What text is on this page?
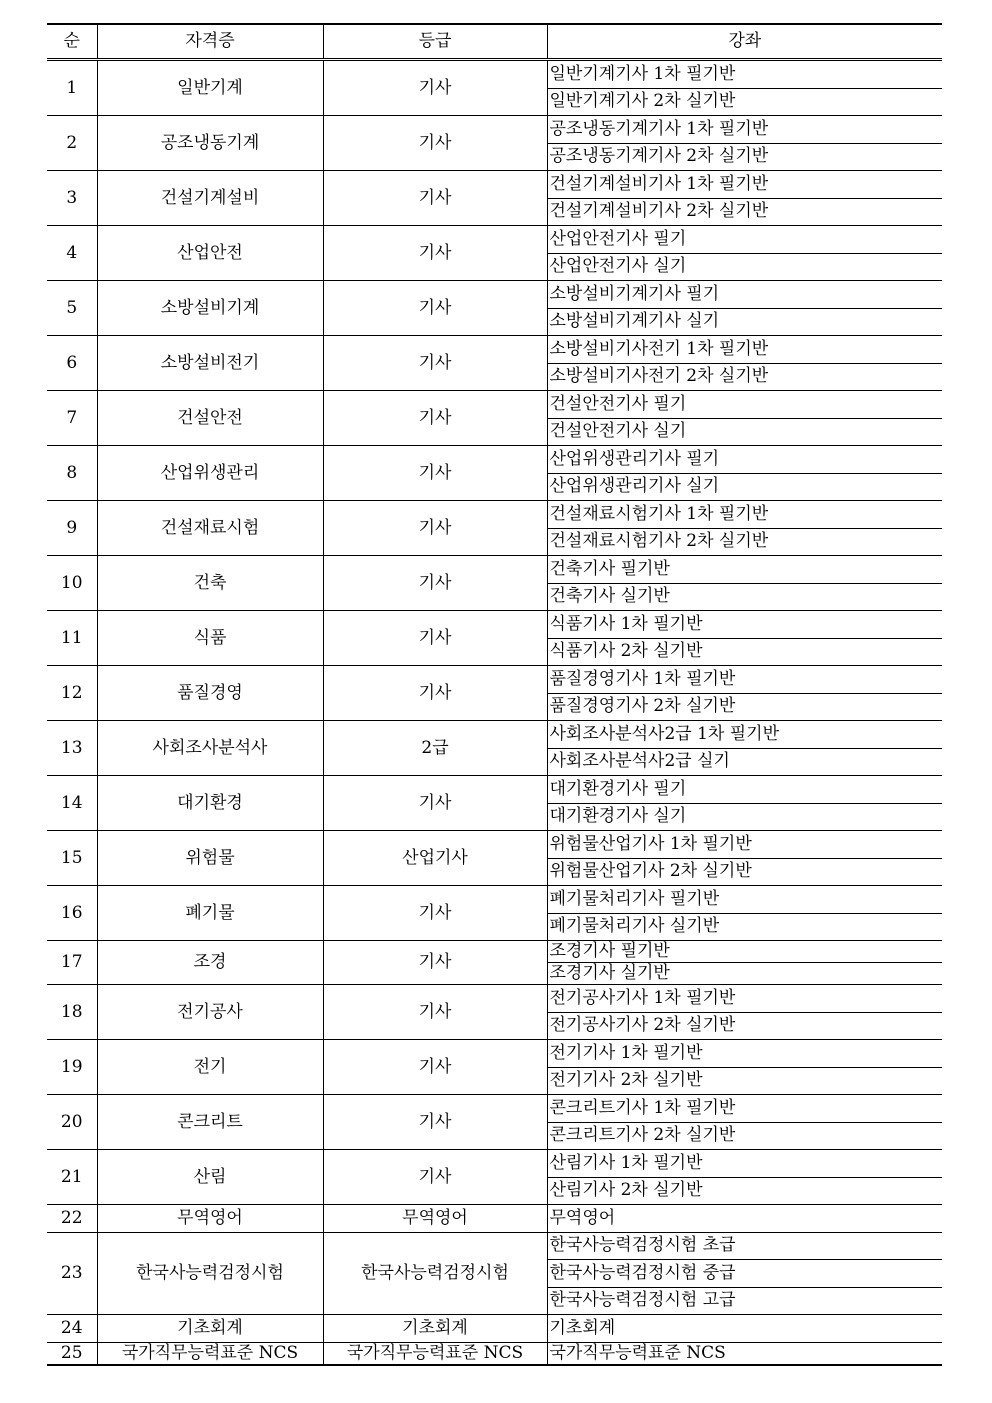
순	자격증	등급	강좌
1	일반기계	기사	일반기계기사 1차 필기반
			일반기계기사 2차 실기반
2	공조냉동기계	기사	공조냉동기계기사 1차 필기반
			공조냉동기계기사 2차 실기반
3	건설기계설비	기사	건설기계설비기사 1차 필기반
			건설기계설비기사 2차 실기반
4	산업안전	기사	산업안전기사 필기
			산업안전기사 실기
5	소방설비기계	기사	소방설비기계기사 필기
			소방설비기계기사 실기
6	소방설비전기	기사	소방설비기사전기 1차 필기반
			소방설비기사전기 2차 실기반
7	건설안전	기사	건설안전기사 필기
			건설안전기사 실기
8	산업위생관리	기사	산업위생관리기사 필기
			산업위생관리기사 실기
9	건설재료시험	기사	건설재료시험기사 1차 필기반
			건설재료시험기사 2차 실기반
10	건축	기사	건축기사 필기반
			건축기사 실기반
11	식품	기사	식품기사 1차 필기반
			식품기사 2차 실기반
12	품질경영	기사	품질경영기사 1차 필기반
			품질경영기사 2차 실기반
13	사회조사분석사	2급	사회조사분석사2급 1차 필기반
			사회조사분석사2급 실기
14	대기환경	기사	대기환경기사 필기
			대기환경기사 실기
15	위험물	산업기사	위험물산업기사 1차 필기반
			위험물산업기사 2차 실기반
16	폐기물	기사	폐기물처리기사 필기반
			폐기물처리기사 실기반
17	조경	기사	조경기사 필기반
			조경기사 실기반
18	전기공사	기사	전기공사기사 1차 필기반
			전기공사기사 2차 실기반
19	전기	기사	전기기사 1차 필기반
			전기기사 2차 실기반
20	콘크리트	기사	콘크리트기사 1차 필기반
			콘크리트기사 2차 실기반
21	산림	기사	산림기사 1차 필기반
			산림기사 2차 실기반
22	무역영어	무역영어	무역영어
23	한국사능력검정시험	한국사능력검정시험	한국사능력검정시험 초급
			한국사능력검정시험 중급
			한국사능력검정시험 고급
24	기초회계	기초회계	기초회계
25	국가직무능력표준 NCS	국가직무능력표준 NCS	국가직무능력표준 NCS
